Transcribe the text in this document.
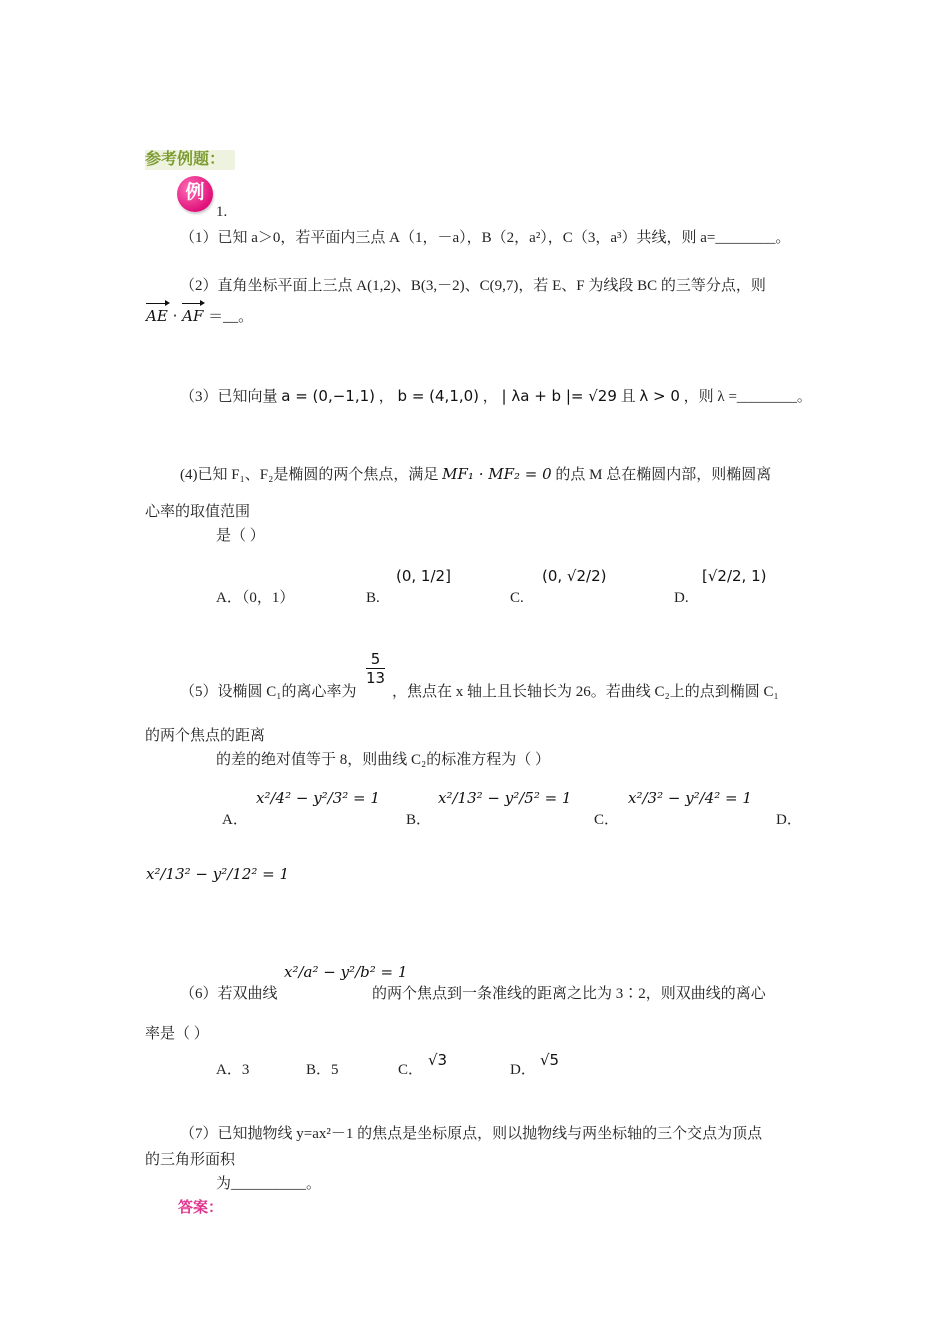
参考例题：
例
1.
（1）已知 a＞0，若平面内三点 A（1，－a），B（2，a²），C（3，a³）共线，则 a=________。
（2）直角坐标平面上三点 A(1,2)、B(3,－2)、C(9,7)，若 E、F 为线段 BC 的三等分点，则
AE · AF ＝__。
（3）已知向量 a = (0,−1,1) ， b = (4,1,0) ， | λa + b |= √29 且 λ > 0 ，则 λ =________。
(4)已知 F₁、F₂是椭圆的两个焦点，满足 MF₁ · MF₂ = 0 的点 M 总在椭圆内部，则椭圆离
心率的取值范围
是（ ）
A．（0，1）	B.
(0, 1/2]
C.
(0, √2/2)
D.
[√2/2, 1)
（5）设椭圆 C₁的离心率为
$\frac{5}{13}$
，焦点在 x 轴上且长轴长为 26。若曲线 C₂上的点到椭圆 C₁
的两个焦点的距离
的差的绝对值等于 8，则曲线 C₂的标准方程为（ ）
A．
x²/4² − y²/3² = 1
B．
x²/13² − y²/5² = 1
C．
x²/3² − y²/4² = 1
D．
x²/13² − y²/12² = 1
（6）若双曲线
x²/a² − y²/b² = 1
的两个焦点到一条准线的距离之比为 3∶2，则双曲线的离心
率是（ ）
A．3	B．5	C．
√3
D．
√5
（7）已知抛物线 y=ax²－1 的焦点是坐标原点，则以抛物线与两坐标轴的三个交点为顶点
的三角形面积
为__________。
答案：
